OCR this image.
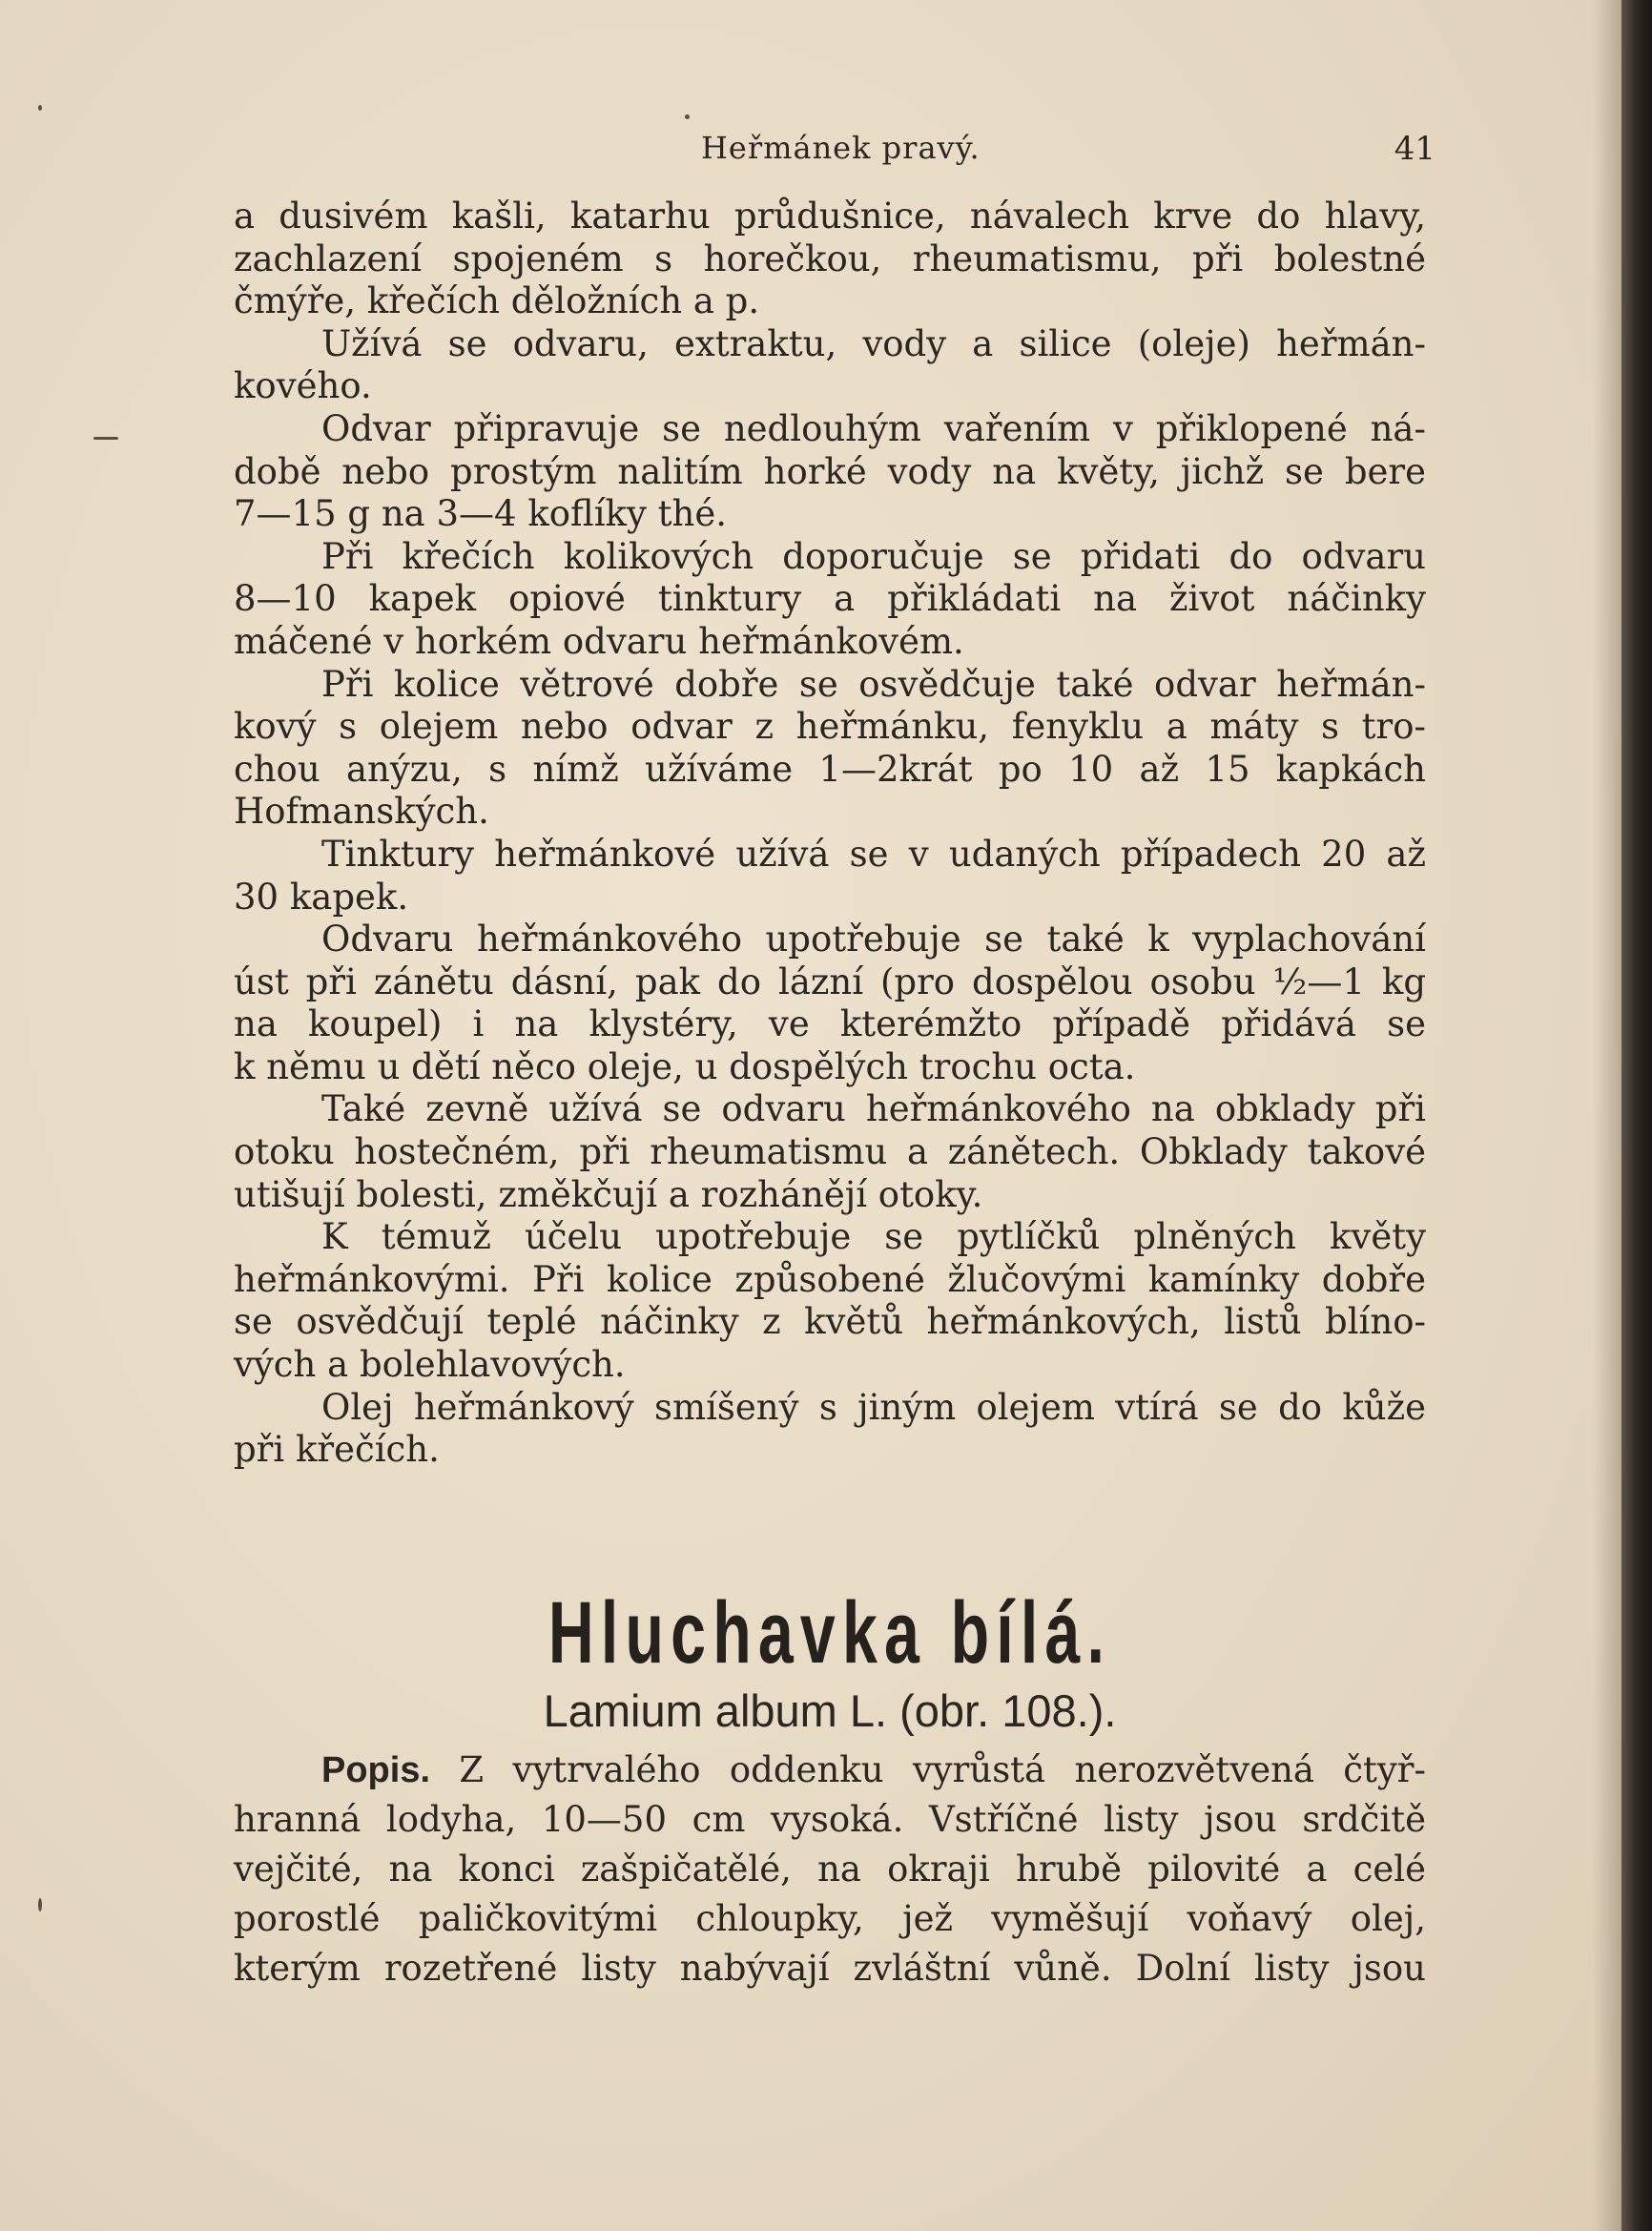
Heřmánek pravý.	41
a dusivém kašli, katarhu průdušnice, návalech krve do hlavy,
zachlazení spojeném s horečkou, rheumatismu, při bolestné
čmýře, křečích děložních a p.
Užívá se odvaru, extraktu, vody a silice (oleje) heřmán-
kového.
Odvar připravuje se nedlouhým vařením v přiklopené ná-
době nebo prostým nalitím horké vody na květy, jichž se bere
7—15 g na 3—4 koflíky thé.
Při křečích kolikových doporučuje se přidati do odvaru
8—10 kapek opiové tinktury a přikládati na život náčinky
máčené v horkém odvaru heřmánkovém.
Při kolice větrové dobře se osvědčuje také odvar heřmán-
kový s olejem nebo odvar z heřmánku, fenyklu a máty s tro-
chou anýzu, s nímž užíváme 1—2krát po 10 až 15 kapkách
Hofmanských.
Tinktury heřmánkové užívá se v udaných případech 20 až
30 kapek.
Odvaru heřmánkového upotřebuje se také k vyplachování
úst při zánětu dásní, pak do lázní (pro dospělou osobu ½—1 kg
na koupel) i na klystéry, ve kterémžto případě přidává se
k němu u dětí něco oleje, u dospělých trochu octa.
Také zevně užívá se odvaru heřmánkového na obklady při
otoku hostečném, při rheumatismu a zánětech. Obklady takové
utišují bolesti, změkčují a rozhánějí otoky.
K témuž účelu upotřebuje se pytlíčků plněných květy
heřmánkovými. Při kolice způsobené žlučovými kamínky dobře
se osvědčují teplé náčinky z květů heřmánkových, listů blíno-
vých a bolehlavových.
Olej heřmánkový smíšený s jiným olejem vtírá se do kůže
při křečích.
Hluchavka bílá.
Lamium album L. (obr. 108.).
Popis. Z vytrvalého oddenku vyrůstá nerozvětvená čtyř-
hranná lodyha, 10—50 cm vysoká. Vstříčné listy jsou srdčitě
vejčité, na konci zašpičatělé, na okraji hrubě pilovité a celé
porostlé paličkovitými chloupky, jež vyměšují voňavý olej,
kterým rozetřené listy nabývají zvláštní vůně. Dolní listy jsou
